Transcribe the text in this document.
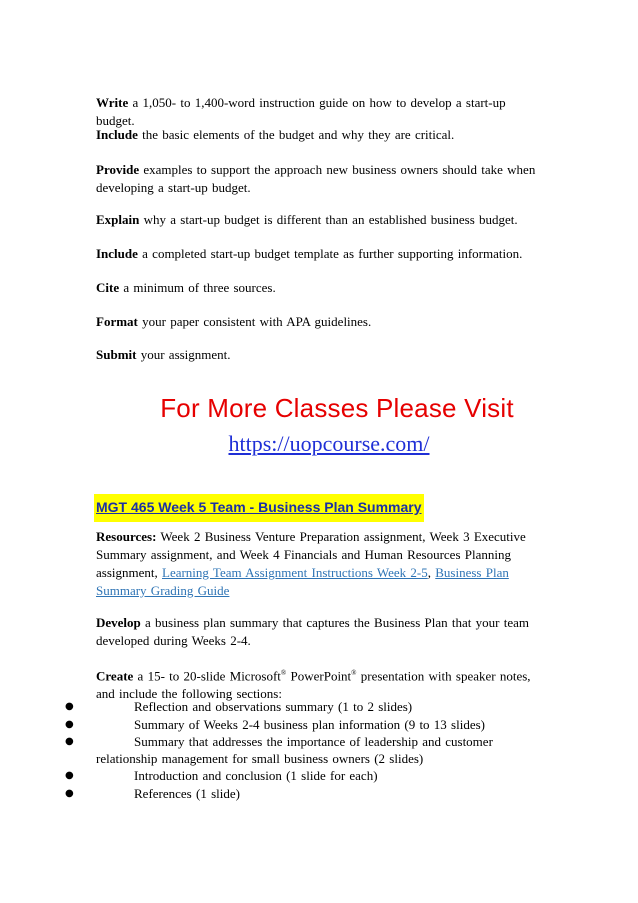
Write a 1,050- to 1,400-word instruction guide on how to develop a start-up budget.
Include the basic elements of the budget and why they are critical.
Provide examples to support the approach new business owners should take when developing a start-up budget.
Explain why a start-up budget is different than an established business budget.
Include a completed start-up budget template as further supporting information.
Cite a minimum of three sources.
Format your paper consistent with APA guidelines.
Submit your assignment.
For More Classes Please Visit
https://uopcourse.com/
MGT 465 Week 5 Team - Business Plan Summary
Resources: Week 2 Business Venture Preparation assignment, Week 3 Executive Summary assignment, and Week 4 Financials and Human Resources Planning assignment, Learning Team Assignment Instructions Week 2-5, Business Plan Summary Grading Guide
Develop a business plan summary that captures the Business Plan that your team developed during Weeks 2-4.
Create a 15- to 20-slide Microsoft® PowerPoint® presentation with speaker notes, and include the following sections:
●	Reflection and observations summary (1 to 2 slides)
●	Summary of Weeks 2-4 business plan information (9 to 13 slides)
●	Summary that addresses the importance of leadership and customer
relationship management for small business owners (2 slides)
●	Introduction and conclusion (1 slide for each)
●	References (1 slide)
